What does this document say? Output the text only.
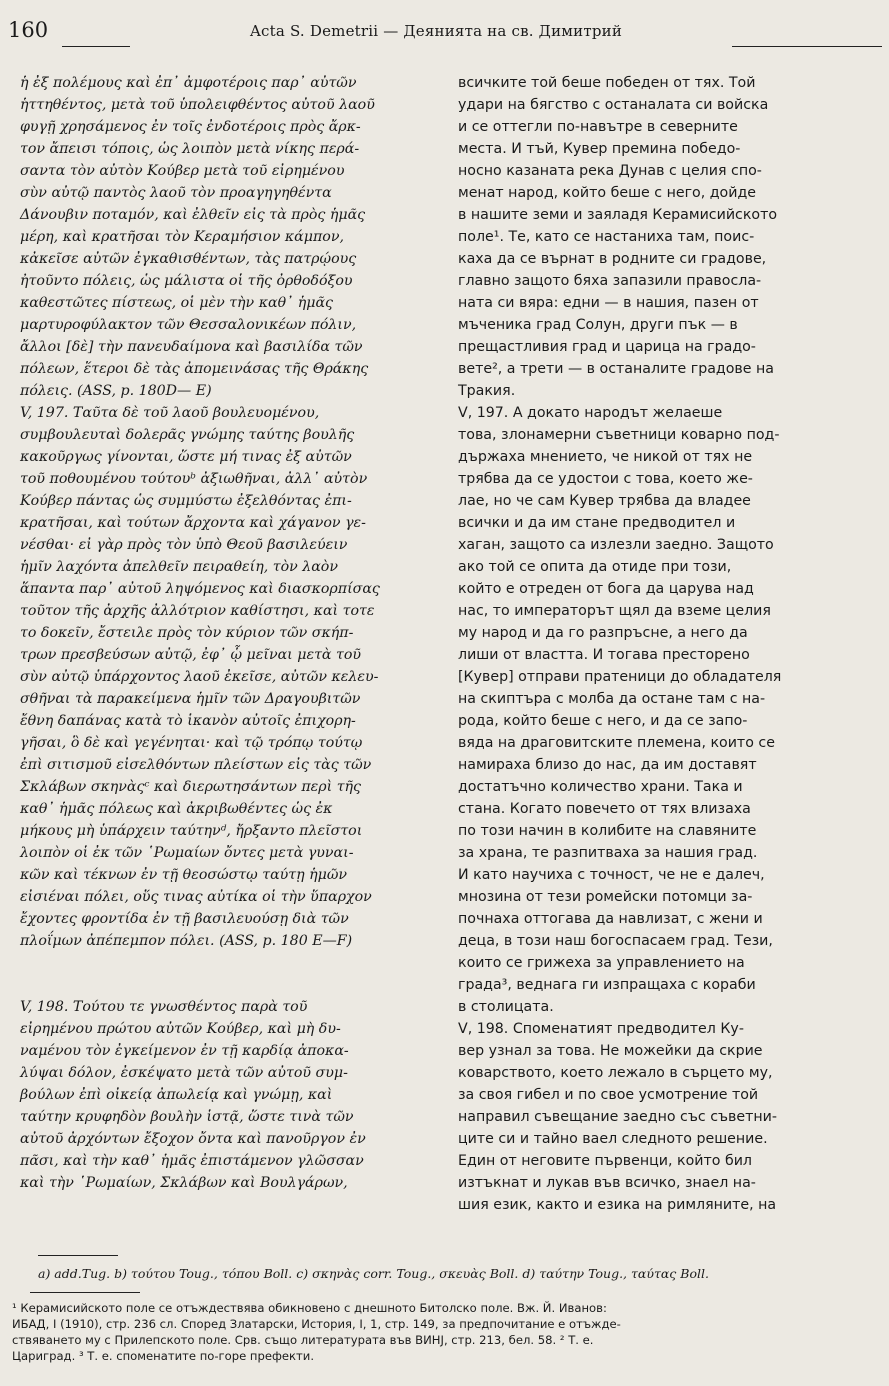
160	Acta S. Demetrii — Деянията на св. Димитрий
ἡ ἐξ πολέμους καὶ ἐπ᾿ ἀμφοτέροις παρ᾿ αὐτῶν
ἡττηθέντος, μετὰ τοῦ ὑπολειφθέντος αὐτοῦ λαοῦ
φυγῇ χρησάμενος ἐν τοῖς ἐνδοτέροις πρὸς ἄρκ-
τον ἄπεισι τόποις, ὡς λοιπὸν μετὰ νίκης περά-
σαντα τὸν αὐτὸν Κούβερ μετὰ τοῦ εἰρημένου
σὺν αὐτῷ παντὸς λαοῦ τὸν προαγηγηθέντα
Δάνουβιν ποταμόν, καὶ ἐλθεῖν εἰς τὰ πρὸς ἡμᾶς
μέρη, καὶ κρατῆσαι τὸν Κεραμήσιον κάμπον,
κἀκεῖσε αὐτῶν ἐγκαθισθέντων, τὰς πατρῴους
ἠτοῦντο πόλεις, ὡς μάλιστα οἱ τῆς ὀρθοδόξου
καθεστῶτες πίστεως, οἱ μὲν τὴν καθ᾿ ἡμᾶς
μαρτυροφύλακτον τῶν Θεσσαλονικέων πόλιν,
ἄλλοι [δὲ] τὴν πανευδαίμονα καὶ βασιλίδα τῶν
πόλεων, ἕτεροι δὲ τὰς ἀπομεινάσας τῆς Θράκης
πόλεις. (ASS, p. 180D— E)
V, 197. Ταῦτα δὲ τοῦ λαοῦ βουλευομένου,
συμβουλευταὶ δολερᾶς γνώμης ταύτης βουλῆς
κακοῦργως γίνονται, ὥστε μή τινας ἐξ αὐτῶν
τοῦ ποθουμένου τούτουᵇ ἀξιωθῆναι, ἀλλ᾿ αὐτὸν
Κούβερ πάντας ὡς συμμύστω ἐξελθόντας ἐπι-
κρατῆσαι, καὶ τούτων ἄρχοντα καὶ χάγανον γε-
νέσθαι· εἰ γὰρ πρὸς τὸν ὑπὸ Θεοῦ βασιλεύειν
ἡμῖν λαχόντα ἀπελθεῖν πειραθείη, τὸν λαὸν
ἅπαντα παρ᾿ αὐτοῦ ληψόμενος καὶ διασκορπίσας
τοῦτον τῆς ἀρχῆς ἀλλότριον καθίστησι, καὶ τοτε
το δοκεῖν, ἔστειλε πρὸς τὸν κύριον τῶν σκήπ-
τρων πρεσβεύσων αὐτῷ, ἐφ᾿ ᾧ μεῖναι μετὰ τοῦ
σὺν αὐτῷ ὑπάρχοντος λαοῦ ἐκεῖσε, αὐτῶν κελευ-
σθῆναι τὰ παρακείμενα ἡμῖν τῶν Δραγουβιτῶν
ἔθνη δαπάνας κατὰ τὸ ἱκανὸν αὐτοῖς ἐπιχορη-
γῆσαι, ὃ δὲ καὶ γεγένηται· καὶ τῷ τρόπῳ τούτῳ
ἐπὶ σιτισμοῦ εἰσελθόντων πλείστων εἰς τὰς τῶν
Σκλάβων σκηνὰςᶜ καὶ διερωτησάντων περὶ τῆς
καθ᾿ ἡμᾶς πόλεως καὶ ἀκριβωθέντες ὡς ἐκ
μήκους μὴ ὑπάρχειν ταύτηνᵈ, ἤρξαντο πλεῖστοι
λοιπὸν οἱ ἐκ τῶν ῾Ρωμαίων ὄντες μετὰ γυναι-
κῶν καὶ τέκνων ἐν τῇ θεοσώστῳ ταύτῃ ἡμῶν
εἰσιέναι πόλει, οὕς τινας αὐτίκα οἱ τὴν ὕπαρχον
ἔχοντες φροντίδα ἐν τῇ βασιλευούσῃ διὰ τῶν
πλοΐμων ἀπέπεμπον πόλει. (ASS, p. 180 E—F)
V, 198. Τούτου τε γνωσθέντος παρὰ τοῦ
εἰρημένου πρώτου αὐτῶν Κούβερ, καὶ μὴ δυ-
ναμένου τὸν ἐγκείμενον ἐν τῇ καρδίᾳ ἀποκα-
λύψαι δόλον, ἐσκέψατο μετὰ τῶν αὐτοῦ συμ-
βούλων ἐπὶ οἰκείᾳ ἀπωλείᾳ καὶ γνώμῃ, καὶ
ταύτην κρυφηδὸν βουλὴν ἱστᾷ, ὥστε τινὰ τῶν
αὐτοῦ ἀρχόντων ἔξοχον ὄντα καὶ πανοῦργον ἐν
πᾶσι, καὶ τὴν καθ᾿ ἡμᾶς ἐπιστάμενον γλῶσσαν
καὶ τὴν ῾Ρωμαίων, Σκλάβων καὶ Βουλγάρων,
всичките той беше победен от тях. Той
удари на бягство с останалата си войска
и се оттегли по-навътре в северните
места. И тъй, Кувер премина победо-
носно казаната река Дунав с целия спо-
менат народ, който беше с него, дойде
в нашите земи и заяладя Керамисийското
поле¹. Те, като се настаниха там, поис-
каха да се върнат в родните си градове,
главно защото бяха запазили правосла-
ната си вяра: едни — в нашия, пазен от
мъченика град Солун, други пък — в
прещастливия град и царица на градо-
вете², а трети — в останалите градове на
Тракия.
V, 197. А докато народът желаеше
това, злонамерни съветници коварно под-
държаха мнението, че никой от тях не
трябва да се удостои с това, което же-
лае, но че сам Кувер трябва да владее
всички и да им стане предводител и
хаган, защото са излезли заедно. Защото
ако той се опита да отиде при този,
който е отреден от бога да царува над
нас, то императорът щял да вземе целия
му народ и да го разпръсне, а него да
лиши от властта. И тогава престорено
[Кувер] отправи пратеници до обладателя
на скиптъра с молба да остане там с на-
рода, който беше с него, и да се запо-
вяда на драговитските племена, които се
намираха близо до нас, да им доставят
достатъчно количество храни. Така и
стана. Когато повечето от тях влизаха
по този начин в колибите на славяните
за храна, те разпитваха за нашия град.
И като научиха с точност, че не е далеч,
мнозина от тези ромейски потомци за-
почнаха оттогава да навлизат, с жени и
деца, в този наш богоспасаем град. Тези,
които се грижеха за управлението на
града³, веднага ги изпращаха с кораби
в столицата.
V, 198. Споменатият предводител Ку-
вер узнал за това. Не можейки да скрие
коварството, което лежало в сърцето му,
за своя гибел и по свое усмотрение той
направил съвещание заедно със съветни-
ците си и тайно ваел следното решение.
Един от неговите първенци, който бил
изтъкнат и лукав във всичко, знаел на-
шия език, както и езика на римляните, на
a) add.Tug. b) τούτου Toug., τόπου Boll. c) σκηνὰς corr. Toug., σκευὰς Boll. d) ταύτην Toug., ταύτας Boll.
¹ Керамисийското поле се отъждествява обикновено с днешното Битолско поле. Вж. Й. Иванов:
ИБАД, I (1910), стр. 236 сл. Според Златарски, История, I, 1, стр. 149, за предпочитание е отъжде-
ствяването му с Прилепското поле. Срв. също литературата във ВИНЈ, стр. 213, бел. 58. ² Т. е.
Цариград. ³ Т. е. споменатите по-горе префекти.
